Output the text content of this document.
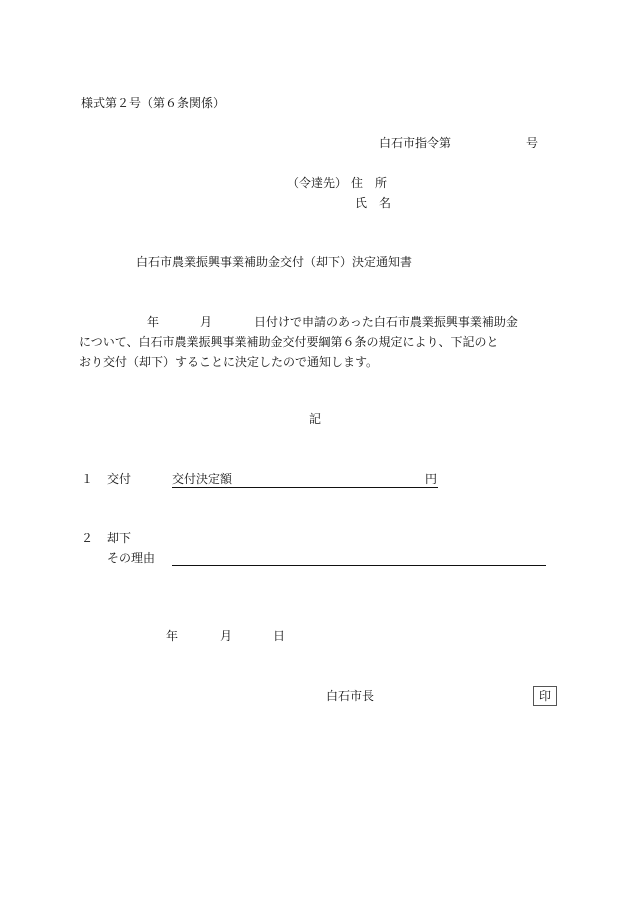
様式第２号（第６条関係）
白石市指令第	号
（令達先） 住　所
氏　名
白石市農業振興事業補助金交付（却下）決定通知書
年	月	日付けで申請のあった白石市農業振興事業補助金
について、白石市農業振興事業補助金交付要綱第６条の規定により、下記のと
おり交付（却下）することに決定したので通知します。
記
１ 交付	交付決定額	円
２ 却下
その理由
年	月	日
白石市長	印
